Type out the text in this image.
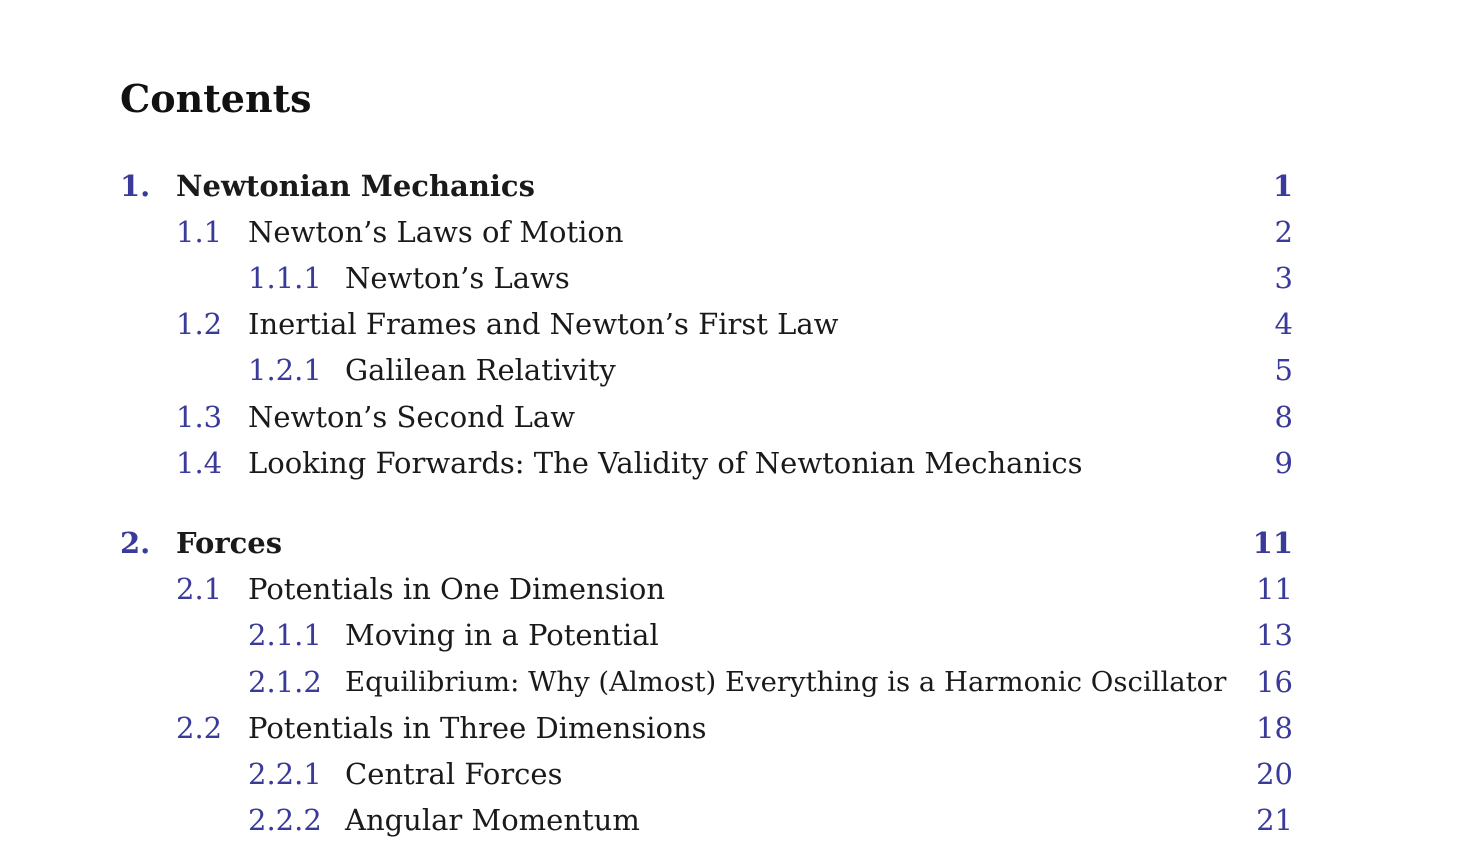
Contents
1. Newtonian Mechanics	1
1.1 Newton’s Laws of Motion	2
1.1.1 Newton’s Laws	3
1.2 Inertial Frames and Newton’s First Law	4
1.2.1 Galilean Relativity	5
1.3 Newton’s Second Law	8
1.4 Looking Forwards: The Validity of Newtonian Mechanics	9
2. Forces	11
2.1 Potentials in One Dimension	11
2.1.1 Moving in a Potential	13
2.1.2 Equilibrium: Why (Almost) Everything is a Harmonic Oscillator 16
2.2 Potentials in Three Dimensions	18
2.2.1 Central Forces	20
2.2.2 Angular Momentum	21
